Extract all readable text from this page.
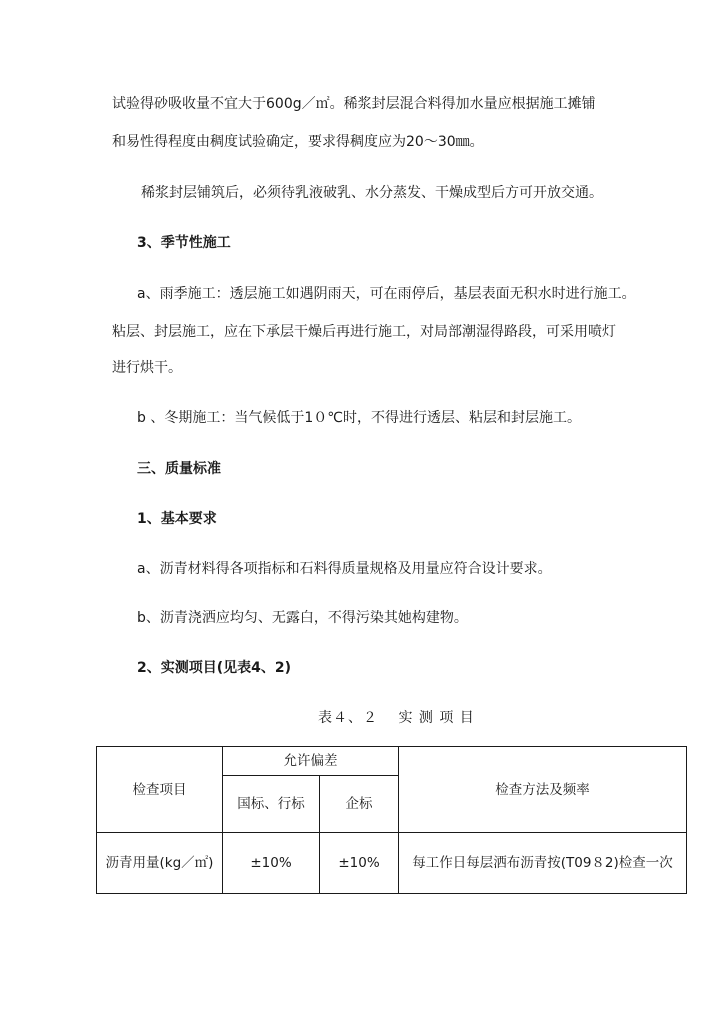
试验得砂吸收量不宜大于600g／㎡。稀浆封层混合料得加水量应根据施工摊铺
和易性得程度由稠度试验确定，要求得稠度应为20～30㎜。
稀浆封层铺筑后，必须待乳液破乳、水分蒸发、干燥成型后方可开放交通。
3、季节性施工
a、雨季施工：透层施工如遇阴雨天，可在雨停后，基层表面无积水时进行施工。
粘层、封层施工，应在下承层干燥后再进行施工，对局部潮湿得路段，可采用喷灯
进行烘干。
b 、冬期施工：当气候低于1０℃时，不得进行透层、粘层和封层施工。
三、质量标准
1、基本要求
a、沥青材料得各项指标和石料得质量规格及用量应符合设计要求。
b、沥青浇洒应均匀、无露白，不得污染其她构建物。
2、实测项目(见表4、2)
表４、２　 实 测 项 目
检查项目	允许偏差		检查方法及频率
	国标、行标	企标	
沥青用量(kg／㎡)	±10%	±10%	每工作日每层洒布沥青按(T09８2)检查一次
